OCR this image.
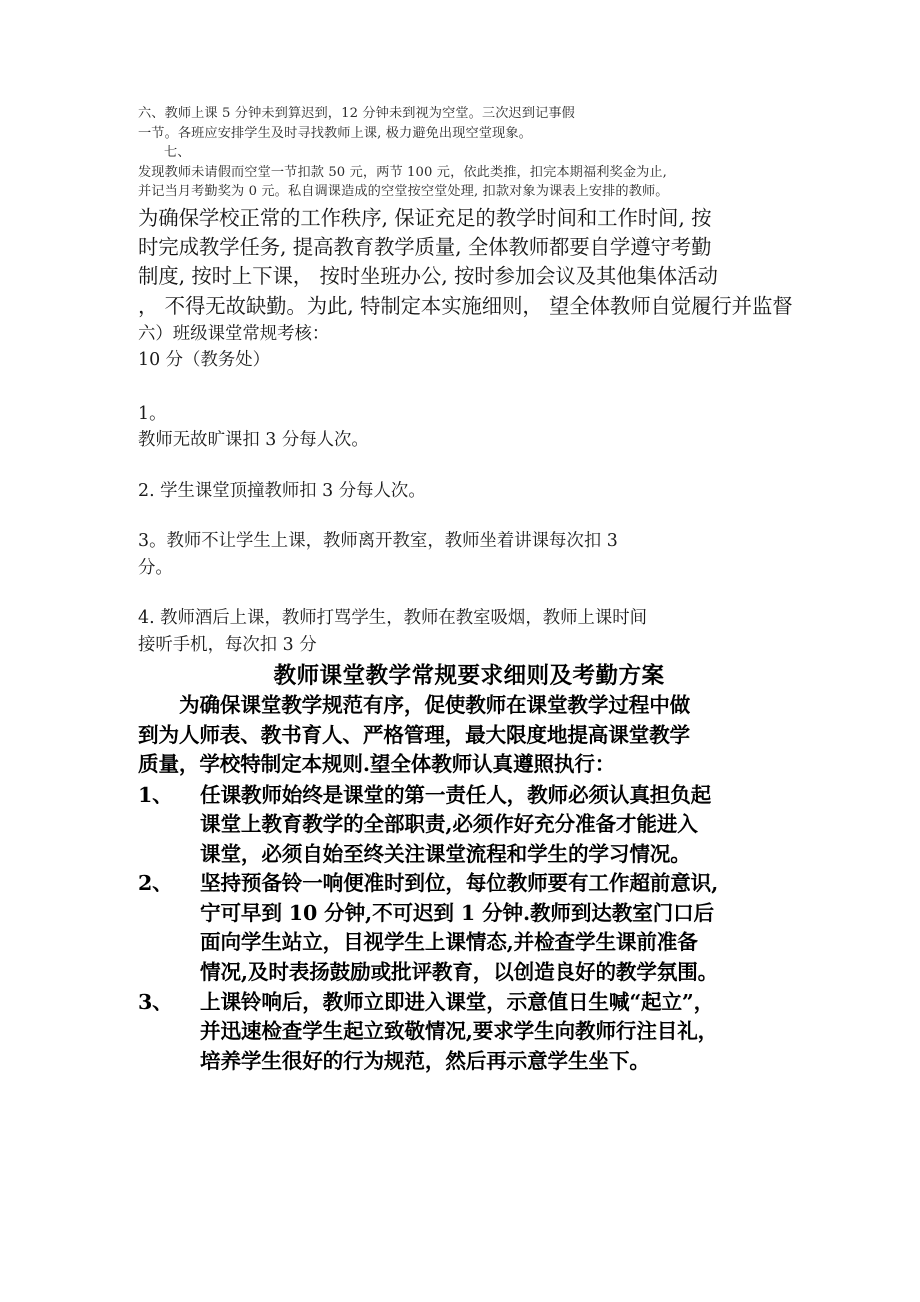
六、教师上课 5 分钟未到算迟到，12 分钟未到视为空堂。三次迟到记事假

一节。各班应安排学生及时寻找教师上课, 极力避免出现空堂现象。

七、

发现教师未请假而空堂一节扣款 50 元，两节 100 元，依此类推，扣完本期福利奖金为止,

并记当月考勤奖为 0 元。私自调课造成的空堂按空堂处理, 扣款对象为课表上安排的教师。

为确保学校正常的工作秩序, 保证充足的教学时间和工作时间, 按

时完成教学任务, 提高教育教学质量, 全体教师都要自学遵守考勤

制度, 按时上下课， 按时坐班办公, 按时参加会议及其他集体活动

， 不得无故缺勤。为此, 特制定本实施细则， 望全体教师自觉履行并监督

六）班级课堂常规考核：

10 分（教务处）

1。

教师无故旷课扣 3 分每人次。

2. 学生课堂顶撞教师扣 3 分每人次。

3。教师不让学生上课，教师离开教室，教师坐着讲课每次扣 3

分。

4. 教师酒后上课，教师打骂学生，教师在教室吸烟，教师上课时间

接听手机，每次扣 3 分

教师课堂教学常规要求细则及考勤方案

为确保课堂教学规范有序，促使教师在课堂教学过程中做

到为人师表、教书育人、严格管理，最大限度地提高课堂教学

质量，学校特制定本规则.望全体教师认真遵照执行：

1、	任课教师始终是课堂的第一责任人，教师必须认真担负起

课堂上教育教学的全部职责,必须作好充分准备才能进入

课堂，必须自始至终关注课堂流程和学生的学习情况。

2、	坚持预备铃一响便准时到位，每位教师要有工作超前意识,

宁可早到 10 分钟,不可迟到 1 分钟.教师到达教室门口后

面向学生站立，目视学生上课情态,并检查学生课前准备

情况,及时表扬鼓励或批评教育，以创造良好的教学氛围。

3、	上课铃响后，教师立即进入课堂，示意值日生喊“起立”，

并迅速检查学生起立致敬情况,要求学生向教师行注目礼，

培养学生很好的行为规范，然后再示意学生坐下。
